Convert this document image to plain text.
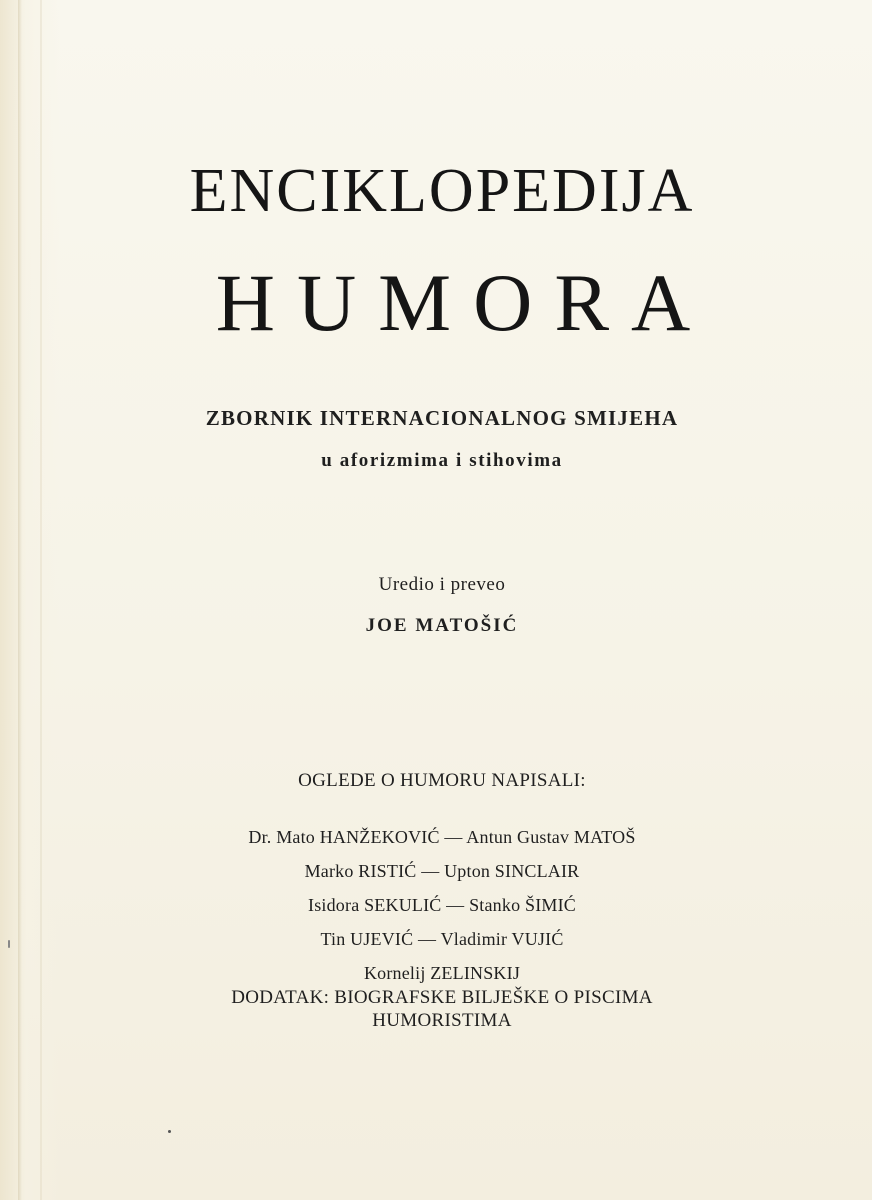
ENCIKLOPEDIJA
HUMORA
ZBORNIK INTERNACIONALNOG SMIJEHA
u aforizmima i stihovima
Uredio i preveo
JOE MATOŠIĆ
OGLEDE O HUMORU NAPISALI:
Dr. Mato HANŽEKOVIĆ — Antun Gustav MATOŠ
Marko RISTIĆ — Upton SINCLAIR
Isidora SEKULIĆ — Stanko ŠIMIĆ
Tin UJEVIĆ — Vladimir VUJIĆ
Kornelij ZELINSKIJ
DODATAK: BIOGRAFSKE BILJEŠKE O PISCIMA
HUMORISTIMA
